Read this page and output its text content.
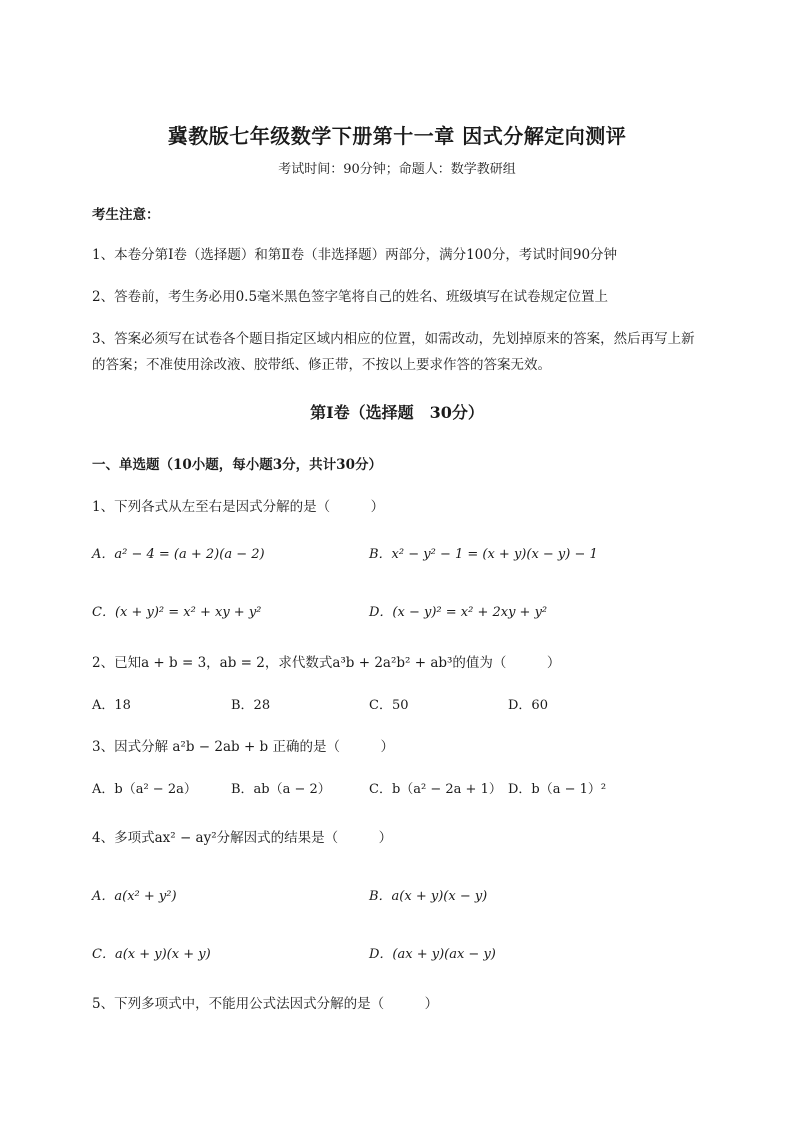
冀教版七年级数学下册第十一章 因式分解定向测评
考试时间：90分钟；命题人：数学教研组
考生注意：
1、本卷分第Ⅰ卷（选择题）和第Ⅱ卷（非选择题）两部分，满分100分，考试时间90分钟
2、答卷前，考生务必用0.5毫米黑色签字笔将自己的姓名、班级填写在试卷规定位置上
3、答案必须写在试卷各个题目指定区域内相应的位置，如需改动，先划掉原来的答案，然后再写上新
的答案；不准使用涂改液、胶带纸、修正带，不按以上要求作答的答案无效。
第Ⅰ卷（选择题　30分）
一、单选题（10小题，每小题3分，共计30分）
1、下列各式从左至右是因式分解的是（　　　）
A．a² − 4 = (a + 2)(a − 2)	B．x² − y² − 1 = (x + y)(x − y) − 1
C．(x + y)² = x² + xy + y²	D．(x − y)² = x² + 2xy + y²
2、已知a + b = 3，ab = 2，求代数式a³b + 2a²b² + ab³的值为（　　　）
A．18	B．28	C．50	D．60
3、因式分解 a²b − 2ab + b 正确的是（　　　）
A．b（a² − 2a）	B．ab（a − 2）	C．b（a² − 2a + 1） D．b（a − 1）²
4、多项式ax² − ay²分解因式的结果是（　　　）
A．a(x² + y²)	B．a(x + y)(x − y)
C．a(x + y)(x + y)	D．(ax + y)(ax − y)
5、下列多项式中，不能用公式法因式分解的是（　　　）
